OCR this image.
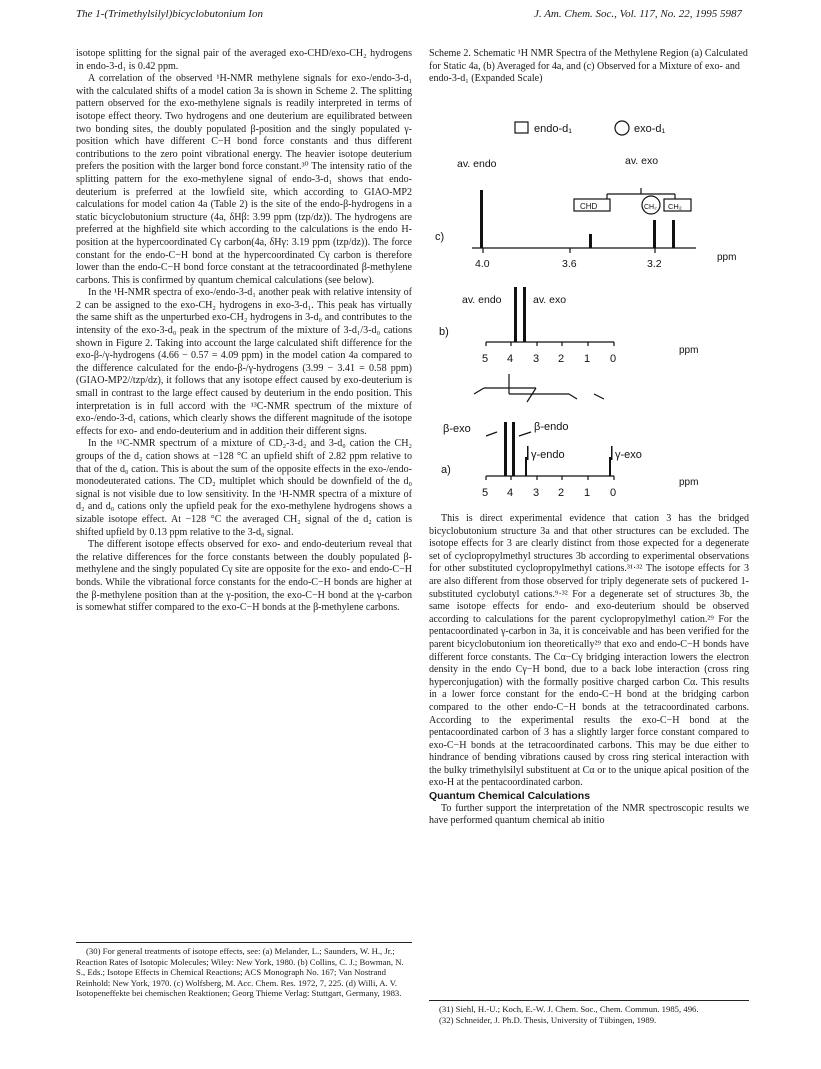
The 1-(Trimethylsilyl)bicyclobutonium Ion	J. Am. Chem. Soc., Vol. 117, No. 22, 1995 5987

isotope splitting for the signal pair of the averaged exo-CHD/exo-CH₂ hydrogens in endo-3-d₁ is 0.42 ppm.

A correlation of the observed ¹H-NMR methylene signals for exo-/endo-3-d₁ with the calculated shifts of a model cation 3a is shown in Scheme 2. The splitting pattern observed for the exo-methylene signals is readily interpreted in terms of isotope effect theory. Two hydrogens and one deuterium are equilibrated between two bonding sites, the doubly populated β-position and the singly populated γ-position which have different C−H bond force constants and thus different contributions to the zero point vibrational energy. The heavier isotope deuterium prefers the position with the larger bond force constant.³⁰ The intensity ratio of the splitting pattern for the exo-methylene signal of endo-3-d₁ shows that endo-deuterium is preferred at the lowfield site, which according to GIAO-MP2 calculations for model cation 4a (Table 2) is the site of the endo-β-hydrogens in a static bicyclobutonium structure (4a, δHβ: 3.99 ppm (tzp/dz)). The hydrogens are preferred at the highfield site which according to the calculations is the endo H-position at the hypercoordinated Cγ carbon(4a, δHγ: 3.19 ppm (tzp/dz)). The force constant for the endo-C−H bond at the hypercoordinated Cγ carbon is therefore lower than the endo-C−H bond force constant at the tetracoordinated β-methylene carbons. This is confirmed by quantum chemical calculations (see below).

In the ¹H-NMR spectra of exo-/endo-3-d₁ another peak with relative intensity of 2 can be assigned to the exo-CH₂ hydrogens in exo-3-d₁. This peak has virtually the same shift as the unperturbed exo-CH₂ hydrogens in 3-d₀ and contributes to the intensity of the exo-3-d₀ peak in the spectrum of the mixture of 3-d₁/3-d₀ cations shown in Figure 2. Taking into account the large calculated shift difference for the exo-β-/γ-hydrogens (4.66 − 0.57 = 4.09 ppm) in the model cation 4a compared to the difference calculated for the endo-β-/γ-hydrogens (3.99 − 3.41 = 0.58 ppm) (GIAO-MP2//tzp/dz), it follows that any isotope effect caused by exo-deuterium is small in contrast to the large effect caused by deuterium in the endo position. This interpretation is in full accord with the ¹³C-NMR spectrum of the mixture of exo-/endo-3-d₁ cations, which clearly shows the different magnitude of the isotope effects for exo- and endo-deuterium and in addition their different signs.

In the ¹³C-NMR spectrum of a mixture of CD₂-3-d₂ and 3-d₀ cation the CH₂ groups of the d₂ cation shows at −128 °C an upfield shift of 2.82 ppm relative to that of the d₀ cation. This is about the sum of the opposite effects in the exo-/endo-monodeuterated cations. The CD₂ multiplet which should be downfield of the d₀ signal is not visible due to low sensitivity. In the ¹H-NMR spectra of a mixture of d₂ and d₀ cations only the upfield peak for the exo-methylene hydrogens shows a sizable isotope effect. At −128 °C the averaged CH₂ signal of the d₂ cation is shifted upfield by 0.13 ppm relative to the 3-d₀ signal.

The different isotope effects observed for exo- and endo-deuterium reveal that the relative differences for the force constants between the doubly populated β-methylene and the singly populated Cγ site are opposite for the exo- and endo-C−H bonds. While the vibrational force constants for the endo-C−H bonds are higher at the β-methylene position than at the γ-position, the exo-C−H bond at the γ-carbon is somewhat stiffer compared to the exo-C−H bonds at the β-methylene carbons.

(30) For general treatments of isotope effects, see: (a) Melander, L.; Saunders, W. H., Jr.; Reaction Rates of Isotopic Molecules; Wiley: New York, 1980. (b) Collins, C. J.; Bowman, N. S., Eds.; Isotope Effects in Chemical Reactions; ACS Monograph No. 167; Van Nostrand Reinhold: New York, 1970. (c) Wolfsberg, M. Acc. Chem. Res. 1972, 7, 225. (d) Willi, A. V. Isotopeneffekte bei chemischen Reaktionen; Georg Thieme Verlag: Stuttgart, Germany, 1983.

Scheme 2. Schematic ¹H NMR Spectra of the Methylene Region (a) Calculated for Static 4a, (b) Averaged for 4a, and (c) Observed for a Mixture of exo- and endo-3-d₁ (Expanded Scale)
endo-d₁	exo-d₁
c)
av. endo	av. exo
CHD	CH₂ CH₂
4.0	3.6	3.2
ppm
b)
av. endo	av. exo
5 4 3 2 1 0
ppm
a)
β-exo	β-endo
γ-endo	γ-exo
5 4 3 2 1 0
ppm

This is direct experimental evidence that cation 3 has the bridged bicyclobutonium structure 3a and that other structures can be excluded. The isotope effects for 3 are clearly distinct from those expected for a degenerate set of cyclopropylmethyl structures 3b according to experimental observations for other substituted cyclopropylmethyl cations.³¹·³² The isotope effects for 3 are also different from those observed for triply degenerate sets of puckered 1-substituted cyclobutyl cations.⁹·³² For a degenerate set of structures 3b, the same isotope effects for endo- and exo-deuterium should be observed according to calculations for the parent cyclopropylmethyl cation.²⁹ For the pentacoordinated γ-carbon in 3a, it is conceivable and has been verified for the parent bicyclobutonium ion theoretically²⁹ that exo and endo-C−H bonds have different force constants. The Cα−Cγ bridging interaction lowers the electron density in the endo Cγ−H bond, due to a back lobe interaction (cross ring hyperconjugation) with the formally positive charged carbon Cα. This results in a lower force constant for the endo-C−H bond at the bridging carbon compared to the other endo-C−H bonds at the tetracoordinated carbons. According to the experimental results the exo-C−H bond at the pentacoordinated carbon of 3 has a slightly larger force constant compared to exo-C−H bonds at the tetracoordinated carbons. This may be due either to hindrance of bending vibrations caused by cross ring sterical interaction with the bulky trimethylsilyl substituent at Cα or to the unique apical position of the exo-H at the pentacoordinated carbon.

Quantum Chemical Calculations

To further support the interpretation of the NMR spectroscopic results we have performed quantum chemical ab initio

(31) Siehl, H.-U.; Koch, E.-W. J. Chem. Soc., Chem. Commun. 1985, 496.

(32) Schneider, J. Ph.D. Thesis, University of Tübingen, 1989.
